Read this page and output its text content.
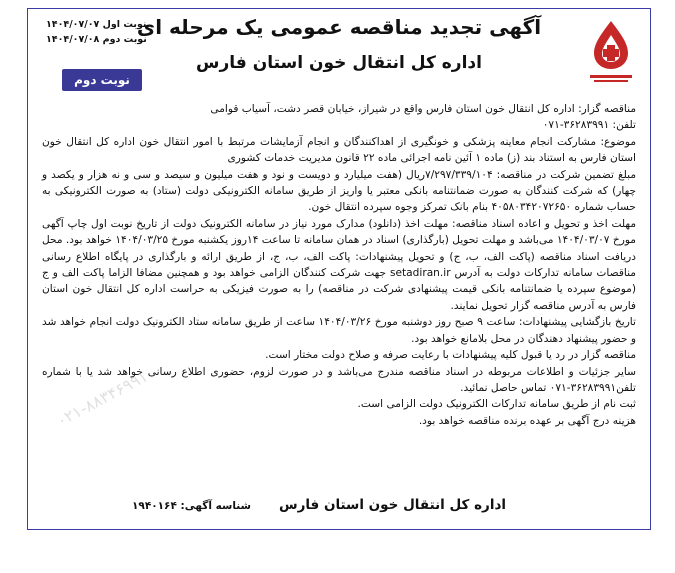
آگهی تجدید مناقصه عمومی یک مرحله ای
اداره کل انتقال خون استان فارس
نوبت اول ۱۴۰۴/۰۷/۰۷
نوبت دوم ۱۴۰۴/۰۷/۰۸
نوبت دوم

مناقصه گزار: اداره کل انتقال خون استان فارس واقع در شیراز، خیابان قصر دشت، آسیاب قوامی

تلفن: ۳۶۲۸۳۹۹۱-۰۷۱

موضوع: مشارکت انجام معاینه پزشکی و خونگیری از اهداکنندگان و انجام آزمایشات مرتبط با امور انتقال خون اداره کل انتقال خون استان فارس به استناد بند (ز) ماده ۱ آئین نامه اجرائی ماده ۲۲ قانون مدیریت خدمات کشوری

مبلغ تضمین شرکت در مناقصه: ۷/۲۹۷/۳۳۹/۱۰۴ریال (هفت میلیارد و دویست و نود و هفت میلیون و سیصد و سی و نه هزار و یکصد و چهار) که شرکت کنندگان به صورت ضمانتنامه بانکی معتبر یا واریز از طریق سامانه الکترونیکی دولت (ستاد) به صورت الکترونیکی به حساب شماره ۴۰۵۸۰۳۴۲۰۷۲۶۵۰ بنام بانک تمرکز وجوه سپرده انتقال خون.

مهلت اخذ و تحویل و اعاده اسناد مناقصه: مهلت اخذ (دانلود) مدارک مورد نیاز در سامانه الکترونیک دولت از تاریخ نوبت اول چاپ آگهی مورخ ۱۴۰۴/۰۳/۰۷ می‌باشد و مهلت تحویل (بارگذاری) اسناد در همان سامانه تا ساعت ۱۴روز یکشنبه مورخ ۱۴۰۴/۰۳/۲۵ خواهد بود. محل دریافت اسناد مناقصه (پاکت الف، ب، ج) و تحویل پیشنهادات: پاکت الف، ب، ج، از طریق ارائه و بارگذاری در پایگاه اطلاع رسانی مناقصات سامانه تدارکات دولت به آدرس setadiran.ir جهت شرکت کنندگان الزامی خواهد بود و همچنین مضافا الزاما پاکت الف و ج (موضوع سپرده یا ضمانتنامه بانکی قیمت پیشنهادی شرکت در مناقصه) را به صورت فیزیکی به حراست اداره کل انتقال خون استان فارس به آدرس مناقصه گزار تحویل نمایند.

تاریخ بازگشایی پیشنهادات: ساعت ۹ صبح روز دوشنبه مورخ ۱۴۰۴/۰۳/۲۶ ساعت از طریق سامانه ستاد الکترونیک دولت انجام خواهد شد و حضور پیشنهاد دهندگان در محل بلامانع خواهد بود.

مناقصه گزار در رد یا قبول کلیه پیشنهادات با رعایت صرفه و صلاح دولت مختار است.

سایر جزئیات و اطلاعات مربوطه در اسناد مناقصه مندرج می‌باشد و در صورت لزوم، حضوری اطلاع رسانی خواهد شد یا با شماره تلفن۳۶۲۸۳۹۹۱-۰۷۱ تماس حاصل نمائید.

ثبت نام از طریق سامانه تدارکات الکترونیک دولت الزامی است.

هزینه درج آگهی بر عهده برنده مناقصه خواهد بود.

۰۲۱-۸۸۳۴۶۹۹۱
اداره کل انتقال خون استان فارس
شناسه آگهی: ۱۹۴۰۱۶۴
